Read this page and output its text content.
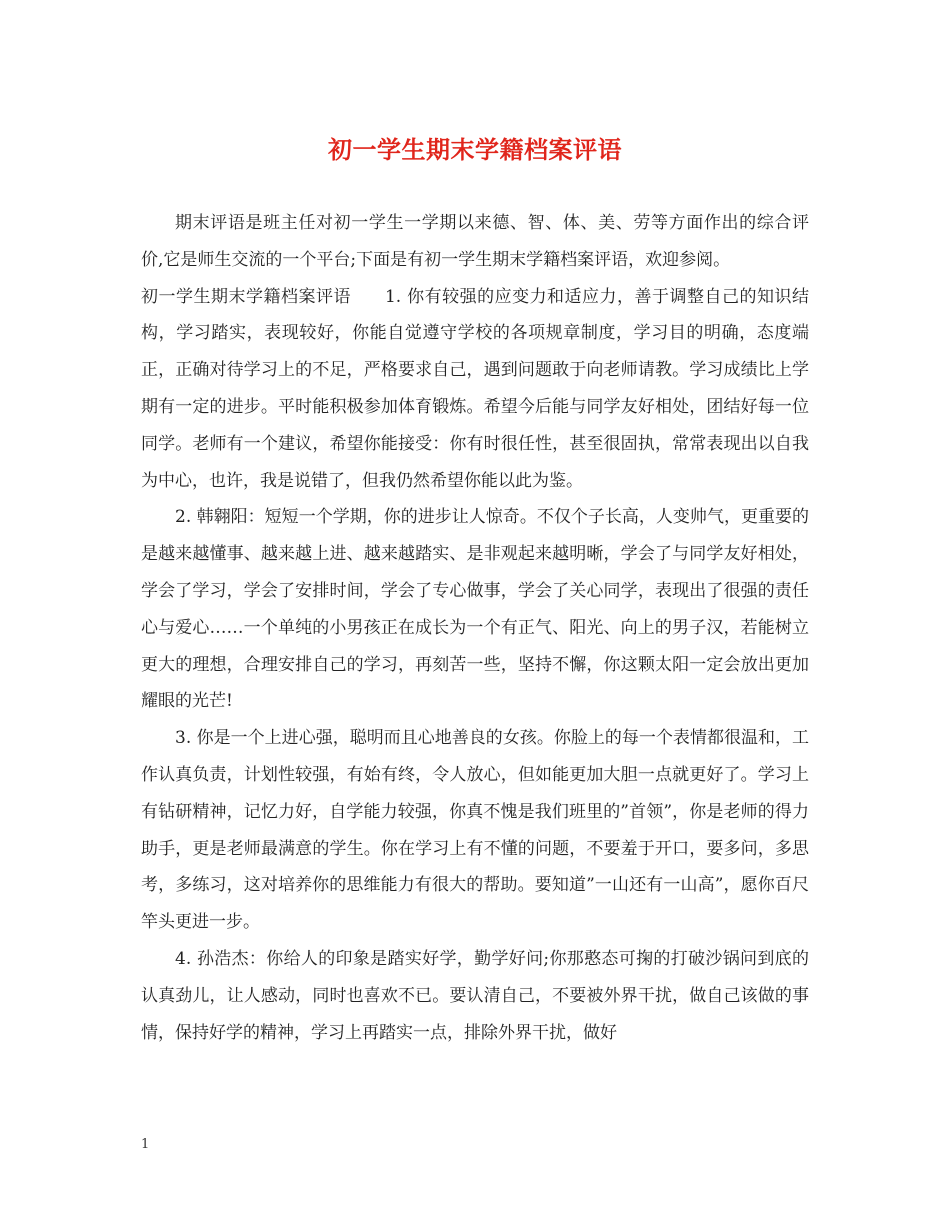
初一学生期末学籍档案评语

期末评语是班主任对初一学生一学期以来德、智、体、美、劳等方面作出的综合评价,它是师生交流的一个平台;下面是有初一学生期末学籍档案评语，欢迎参阅。

初一学生期末学籍档案评语 1. 你有较强的应变力和适应力，善于调整自己的知识结构，学习踏实，表现较好，你能自觉遵守学校的各项规章制度，学习目的明确，态度端正，正确对待学习上的不足，严格要求自己，遇到问题敢于向老师请教。学习成绩比上学期有一定的进步。平时能积极参加体育锻炼。希望今后能与同学友好相处，团结好每一位同学。老师有一个建议，希望你能接受：你有时很任性，甚至很固执，常常表现出以自我为中心，也许，我是说错了，但我仍然希望你能以此为鉴。

2. 韩翱阳：短短一个学期，你的进步让人惊奇。不仅个子长高，人变帅气，更重要的是越来越懂事、越来越上进、越来越踏实、是非观起来越明晰，学会了与同学友好相处，学会了学习，学会了安排时间，学会了专心做事，学会了关心同学，表现出了很强的责任心与爱心……一个单纯的小男孩正在成长为一个有正气、阳光、向上的男子汉，若能树立更大的理想，合理安排自己的学习，再刻苦一些，坚持不懈，你这颗太阳一定会放出更加耀眼的光芒!

3. 你是一个上进心强，聪明而且心地善良的女孩。你脸上的每一个表情都很温和，工作认真负责，计划性较强，有始有终，令人放心，但如能更加大胆一点就更好了。学习上有钻研精神，记忆力好，自学能力较强，你真不愧是我们班里的”首领”，你是老师的得力助手，更是老师最满意的学生。你在学习上有不懂的问题，不要羞于开口，要多问，多思考，多练习，这对培养你的思维能力有很大的帮助。要知道”一山还有一山高”，愿你百尺竿头更进一步。

4. 孙浩杰：你给人的印象是踏实好学，勤学好问;你那憨态可掬的打破沙锅问到底的认真劲儿，让人感动，同时也喜欢不已。要认清自己，不要被外界干扰，做自己该做的事情，保持好学的精神，学习上再踏实一点，排除外界干扰，做好

1
